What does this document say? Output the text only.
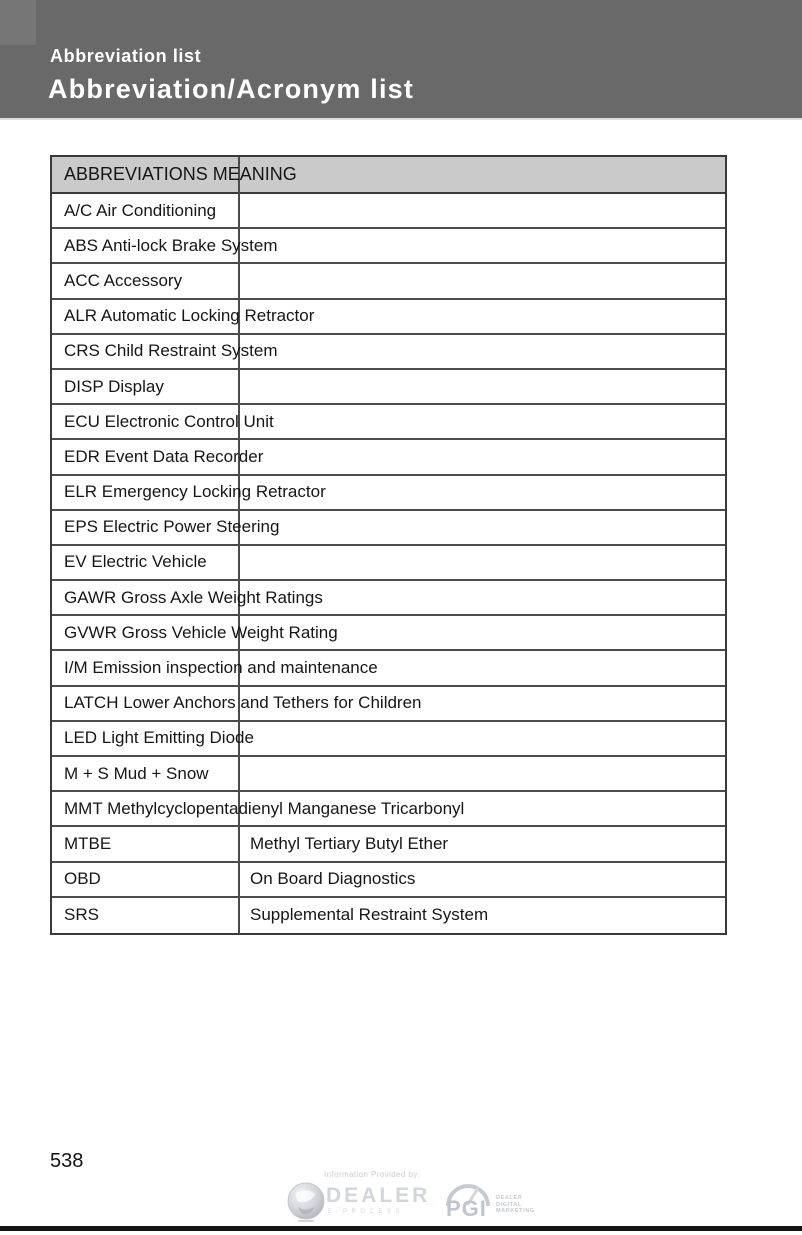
Abbreviation list
Abbreviation/Acronym list
ABBREVIATIONS MEANING
A/C Air Conditioning
ABS Anti-lock Brake System
ACC Accessory
ALR Automatic Locking Retractor
CRS Child Restraint System
DISP Display
ECU Electronic Control Unit
EDR Event Data Recorder
ELR Emergency Locking Retractor
EPS Electric Power Steering
EV Electric Vehicle
GAWR Gross Axle Weight Ratings
GVWR Gross Vehicle Weight Rating
I/M Emission inspection and maintenance
LATCH Lower Anchors and Tethers for Children
LED Light Emitting Diode
M + S Mud + Snow
MMT Methylcyclopentadienyl Manganese Tricarbonyl
MTBE	Methyl Tertiary Butyl Ether
OBD	On Board Diagnostics
SRS	Supplemental Restraint System
538
Information Provided by:
DEALER
E-PROCESS PGI DEALER
DIGITAL
MARKETING
